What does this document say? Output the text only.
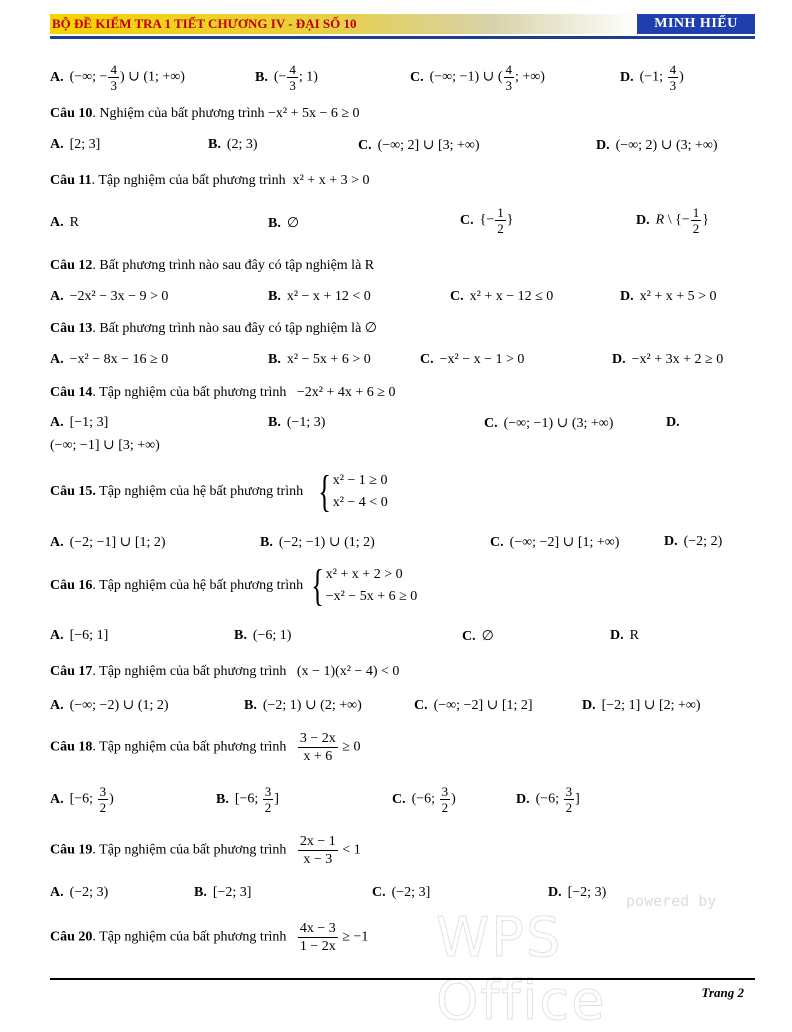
BỘ ĐỀ KIỂM TRA 1 TIẾT CHƯƠNG IV - ĐẠI SỐ 10	MINH HIẾU
A. (−∞; − $\frac{4}{3}$ ) ∪ (1; +∞)	B. (− $\frac{4}{3}$ ; 1)	C. (−∞; −1) ∪ ( $\frac{4}{3}$ ; +∞)	D. (−1; $\frac{4}{3}$ )
Câu 10. Nghiệm của bất phương trình −x² + 5x − 6 ≥ 0
A. [2; 3]	B. (2; 3)	C. (−∞; 2] ∪ [3; +∞)	D. (−∞; 2) ∪ (3; +∞)
Câu 11. Tập nghiệm của bất phương trình x² + x + 3 > 0
A. R	B. ∅	C. {− $\frac{1}{2}$ }	D. R \ {− $\frac{1}{2}$ }
Câu 12. Bất phương trình nào sau đây có tập nghiệm là R
A. −2x² − 3x − 9 > 0	B. x² − x + 12 < 0	C. x² + x − 12 ≤ 0	D. x² + x + 5 > 0
Câu 13. Bất phương trình nào sau đây có tập nghiệm là ∅
A. −x² − 8x − 16 ≥ 0	B. x² − 5x + 6 > 0	C. −x² − x − 1 > 0	D. −x² + 3x + 2 ≥ 0
Câu 14. Tập nghiệm của bất phương trình −2x² + 4x + 6 ≥ 0
A. [−1; 3]	B. (−1; 3)	C. (−∞; −1) ∪ (3; +∞)	D.
(−∞; −1] ∪ [3; +∞)
Câu 15. Tập nghiệm của hệ bất phương trình { x² − 1 ≥ 0
x² − 4 < 0
A. (−2; −1] ∪ [1; 2)	B. (−2; −1) ∪ (1; 2)	C. (−∞; −2] ∪ [1; +∞)	D. (−2; 2)
Câu 16. Tập nghiệm của hệ bất phương trình { x² + x + 2 > 0
−x² − 5x + 6 ≥ 0
A. [−6; 1]	B. (−6; 1)	C. ∅	D. R
Câu 17. Tập nghiệm của bất phương trình (x − 1)(x² − 4) < 0
A. (−∞; −2) ∪ (1; 2)	B. (−2; 1) ∪ (2; +∞)	C. (−∞; −2] ∪ [1; 2]	D. [−2; 1] ∪ [2; +∞)
Câu 18. Tập nghiệm của bất phương trình $\frac{3 - 2x}{x + 6} \ge 0$
A. [−6; $\frac{3}{2}$ )	B. [−6; $\frac{3}{2}$ ]	C. (−6; $\frac{3}{2}$ )	D. (−6; $\frac{3}{2}$ ]
Câu 19. Tập nghiệm của bất phương trình $\frac{2x - 1}{x - 3} < 1$
A. (−2; 3)	B. [−2; 3]	C. (−2; 3]	D. [−2; 3) powered by
WPS Office
Câu 20. Tập nghiệm của bất phương trình $\frac{4x - 3}{1 - 2x} \ge -1$
Trang 2
